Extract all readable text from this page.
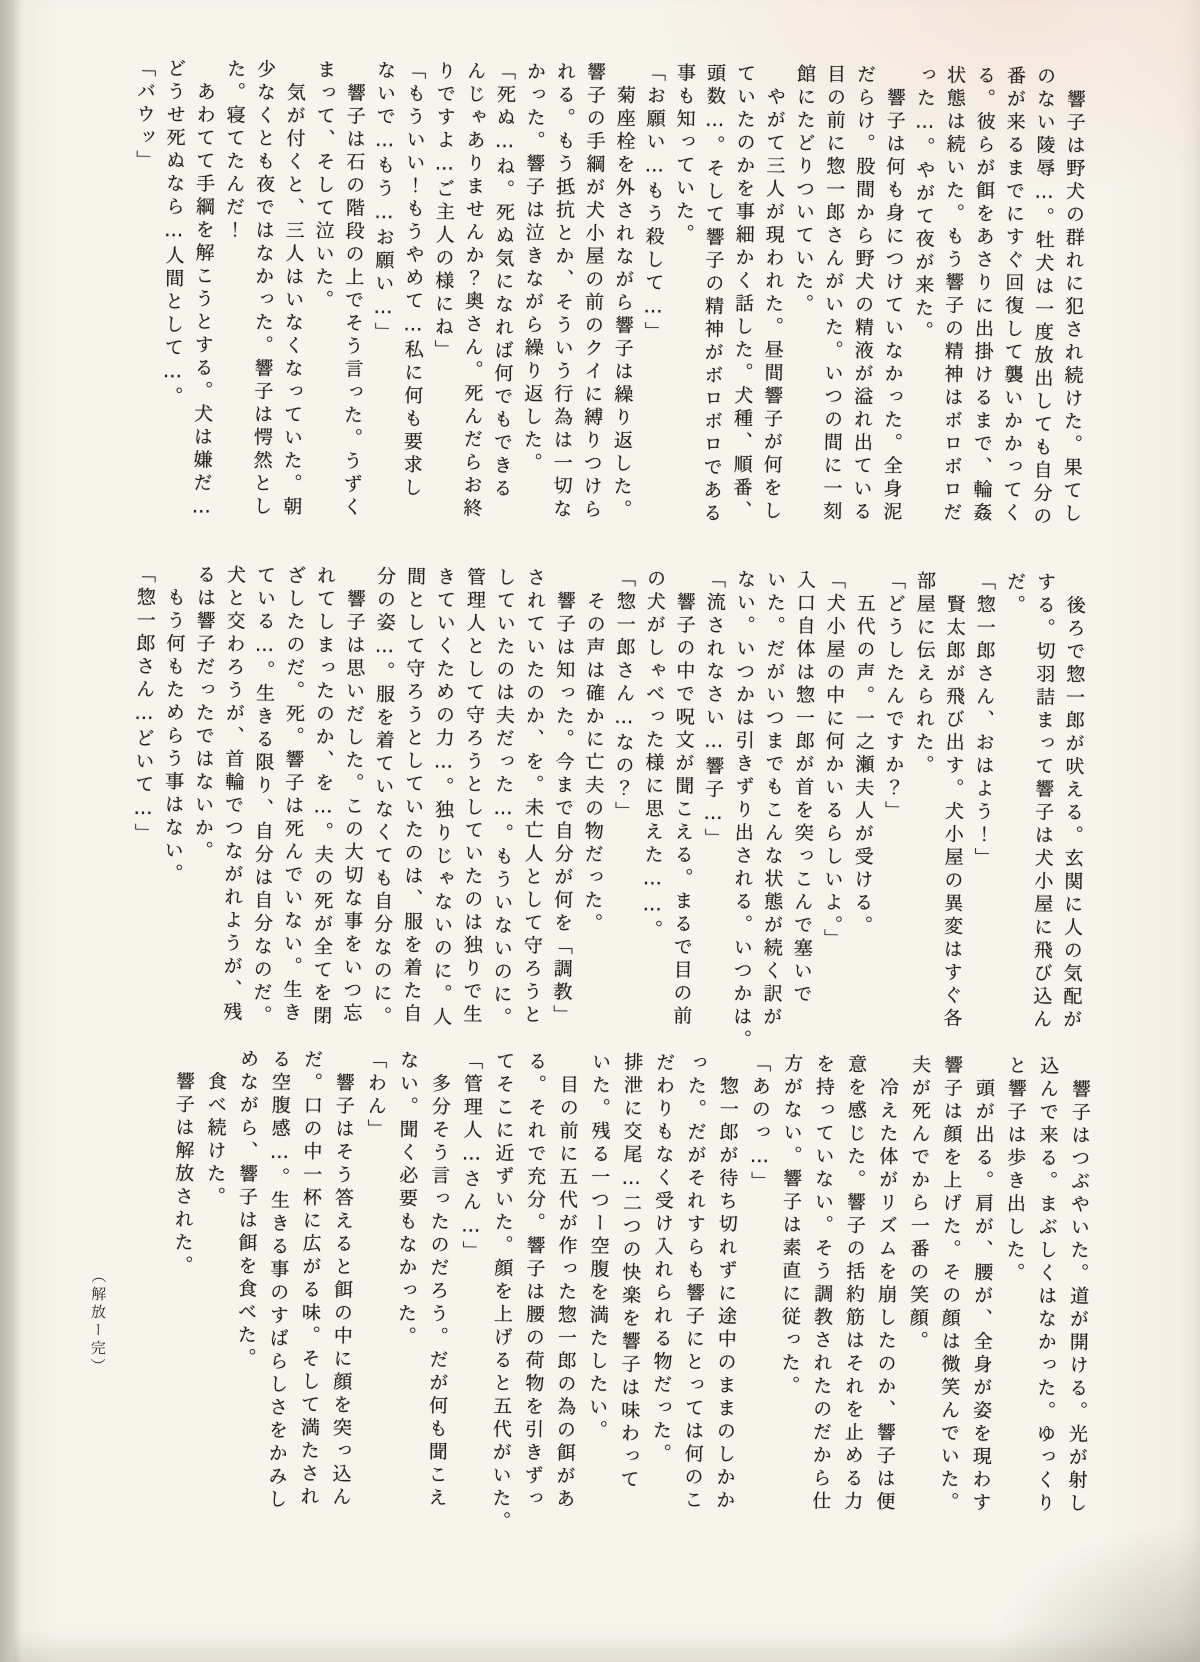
　響子は野犬の群れに犯され続けた。果てし
のない陵辱…。牡犬は一度放出しても自分の
番が来るまでにすぐ回復して襲いかかってく
る。彼らが餌をあさりに出掛けるまで、輪姦
状態は続いた。もう響子の精神はボロボロだ
った…。やがて夜が来た。
　響子は何も身につけていなかった。全身泥
だらけ。股間から野犬の精液が溢れ出ている
目の前に惣一郎さんがいた。いつの間に一刻
館にたどりついていた。
　やがて三人が現われた。昼間響子が何をし
ていたのかを事細かく話した。犬種、順番、
頭数…。そして響子の精神がボロボロである
事も知っていた。
「お願い…もう殺して…」
　菊座栓を外されながら響子は繰り返した。
響子の手綱が犬小屋の前のクイに縛りつけら
れる。もう抵抗とか、そういう行為は一切な
かった。響子は泣きながら繰り返した。
「死ぬ…ね。死ぬ気になれば何でもできる
んじゃありませんか？奥さん。死んだらお終
りですよ…ご主人の様にね」
「もういい！もうやめて…私に何も要求し
ないで…もう…お願い…」
　響子は石の階段の上でそう言った。うずく
まって、そして泣いた。
　気が付くと、三人はいなくなっていた。朝
少なくとも夜ではなかった。響子は愕然とし
た。寝てたんだ！
　あわてて手綱を解こうとする。犬は嫌だ…
どうせ死ぬなら…人間として…。
「バウッ」
　後ろで惣一郎が吠える。玄関に人の気配が
する。切羽詰まって響子は犬小屋に飛び込ん
だ。
「惣一郎さん、おはよう！」
　賢太郎が飛び出す。犬小屋の異変はすぐ各
部屋に伝えられた。
「どうしたんですか？」
　五代の声。一之瀬夫人が受ける。
「犬小屋の中に何かいるらしいよ。」
入口自体は惣一郎が首を突っこんで塞いで
いた。だがいつまでもこんな状態が続く訳が
ない。いつかは引きずり出される。いつかは。
「流されなさい…響子…」
　響子の中で呪文が聞こえる。まるで目の前
の犬がしゃべった様に思えた……。
「惣一郎さん…なの？」
　その声は確かに亡夫の物だった。
　響子は知った。今まで自分が何を「調教」
されていたのか、を。未亡人として守ろうと
していたのは夫だった…。もういないのに。
管理人として守ろうとしていたのは独りで生
きていくための力…。独りじゃないのに。人
間として守ろうとしていたのは、服を着た自
分の姿…。服を着ていなくても自分なのに。
　響子は思いだした。この大切な事をいつ忘
れてしまったのか、を…。夫の死が全てを閉
ざしたのだ。死。響子は死んでいない。生き
ている…。生きる限り、自分は自分なのだ。
犬と交わろうが、首輪でつながれようが、残
るは響子だったではないか。
　もう何もためらう事はない。
「惣一郎さん…どいて…」
　響子はつぶやいた。道が開ける。光が射し
込んで来る。まぶしくはなかった。ゆっくり
と響子は歩き出した。
　頭が出る。肩が、腰が、全身が姿を現わす
響子は顔を上げた。その顔は微笑んでいた。
夫が死んでから一番の笑顔。
　冷えた体がリズムを崩したのか、響子は便
意を感じた。響子の括約筋はそれを止める力
を持っていない。そう調教されたのだから仕
方がない。響子は素直に従った。
「あのっ…」
　惣一郎が待ち切れずに途中のままのしかか
った。だがそれすらも響子にとっては何のこ
だわりもなく受け入れられる物だった。
排泄に交尾…二つの快楽を響子は味わって
いた。残る一つー空腹を満たしたい。
　目の前に五代が作った惣一郎の為の餌があ
る。それで充分。響子は腰の荷物を引きずっ
てそこに近ずいた。顔を上げると五代がいた。
「管理人…さん…」
　多分そう言ったのだろう。だが何も聞こえ
ない。聞く必要もなかった。
「わん」
　響子はそう答えると餌の中に顔を突っ込ん
だ。口の中一杯に広がる味。そして満たされ
る空腹感…。生きる事のすばらしさをかみし
めながら、響子は餌を食べた。
　食べ続けた。
　響子は解放された。
（解放ー完）
